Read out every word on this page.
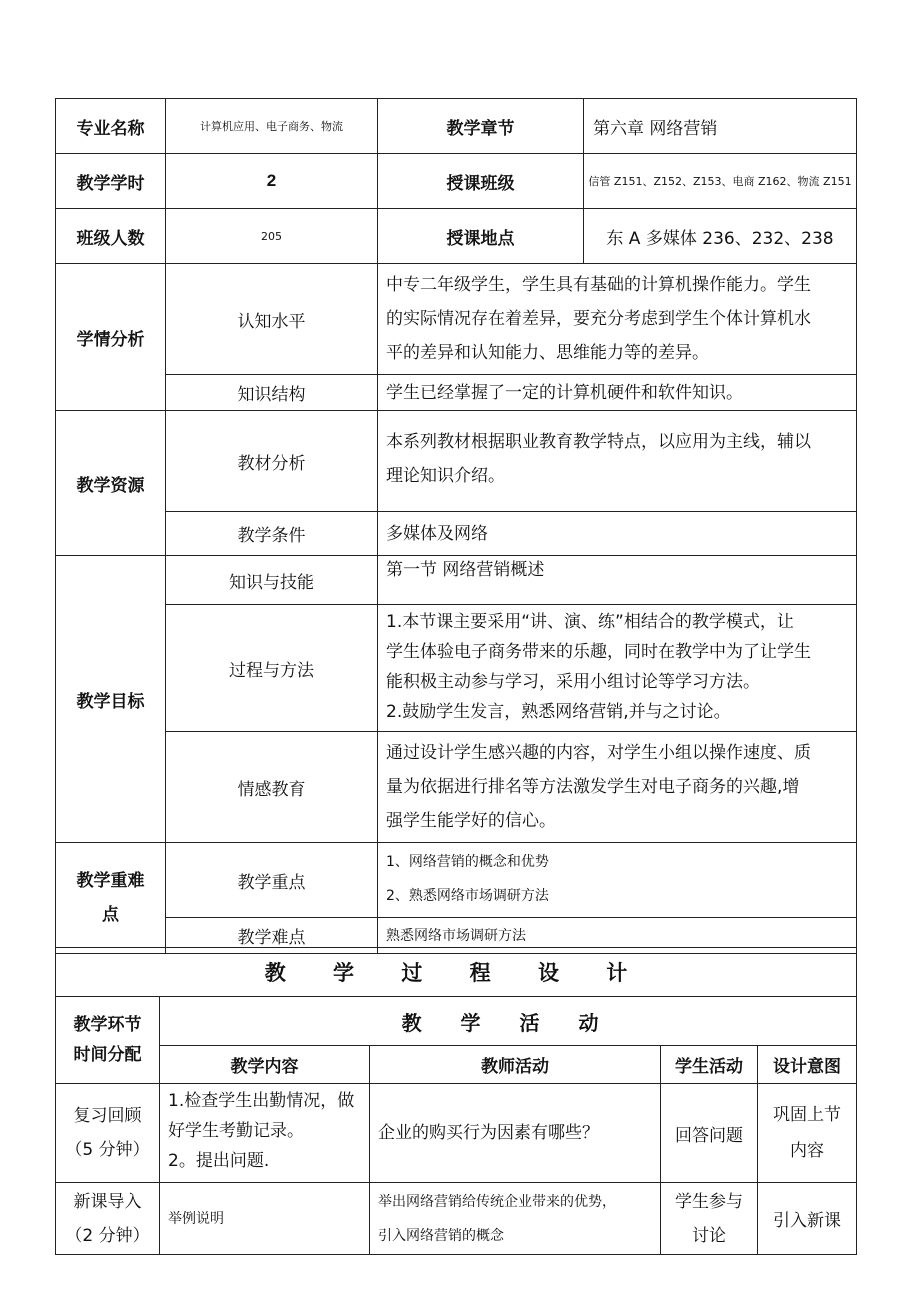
专业名称	计算机应用、电子商务、物流	教学章节	第六章 网络营销
教学学时	2	授课班级	信管 Z151、Z152、Z153、电商 Z162、物流 Z151
班级人数	205	授课地点	东 A 多媒体 236、232、238
学情分析	认知水平	中专二年级学生，学生具有基础的计算机操作能力。学生
的实际情况存在着差异，要充分考虑到学生个体计算机水
平的差异和认知能力、思维能力等的差异。

	知识结构	学生已经掌握了一定的计算机硬件和软件知识。
教学资源	教材分析	本系列教材根据职业教育教学特点，以应用为主线，辅以
理论知识介绍。

	教学条件	多媒体及网络
教学目标	知识与技能	第一节 网络营销概述
	过程与方法	1.本节课主要采用“讲、演、练”相结合的教学模式，让
学生体验电子商务带来的乐趣，同时在教学中为了让学生
能积极主动参与学习，采用小组讨论等学习方法。
2.鼓励学生发言，熟悉网络营销,并与之讨论。

	情感教育	通过设计学生感兴趣的内容，对学生小组以操作速度、质
量为依据进行排名等方法激发学生对电子商务的兴趣,增
强学生能学好的信心。

教学重难
点	教学重点	1、网络营销的概念和优势
2、熟悉网络市场调研方法

	教学难点	熟悉网络市场调研方法
教 学 过 程 设 计				

教学环节
时间分配	教 学 活 动			
	教学内容	教师活动	学生活动	设计意图

复习回顾
（5 分钟）	1.检查学生出勤情况，做
好学生考勤记录。
2。提出问题.	企业的购买行为因素有哪些？	回答问题	巩固上节
内容

新课导入
（2 分钟）	举例说明	举出网络营销给传统企业带来的优势，
引入网络营销的概念	学生参与
讨论	引入新课
